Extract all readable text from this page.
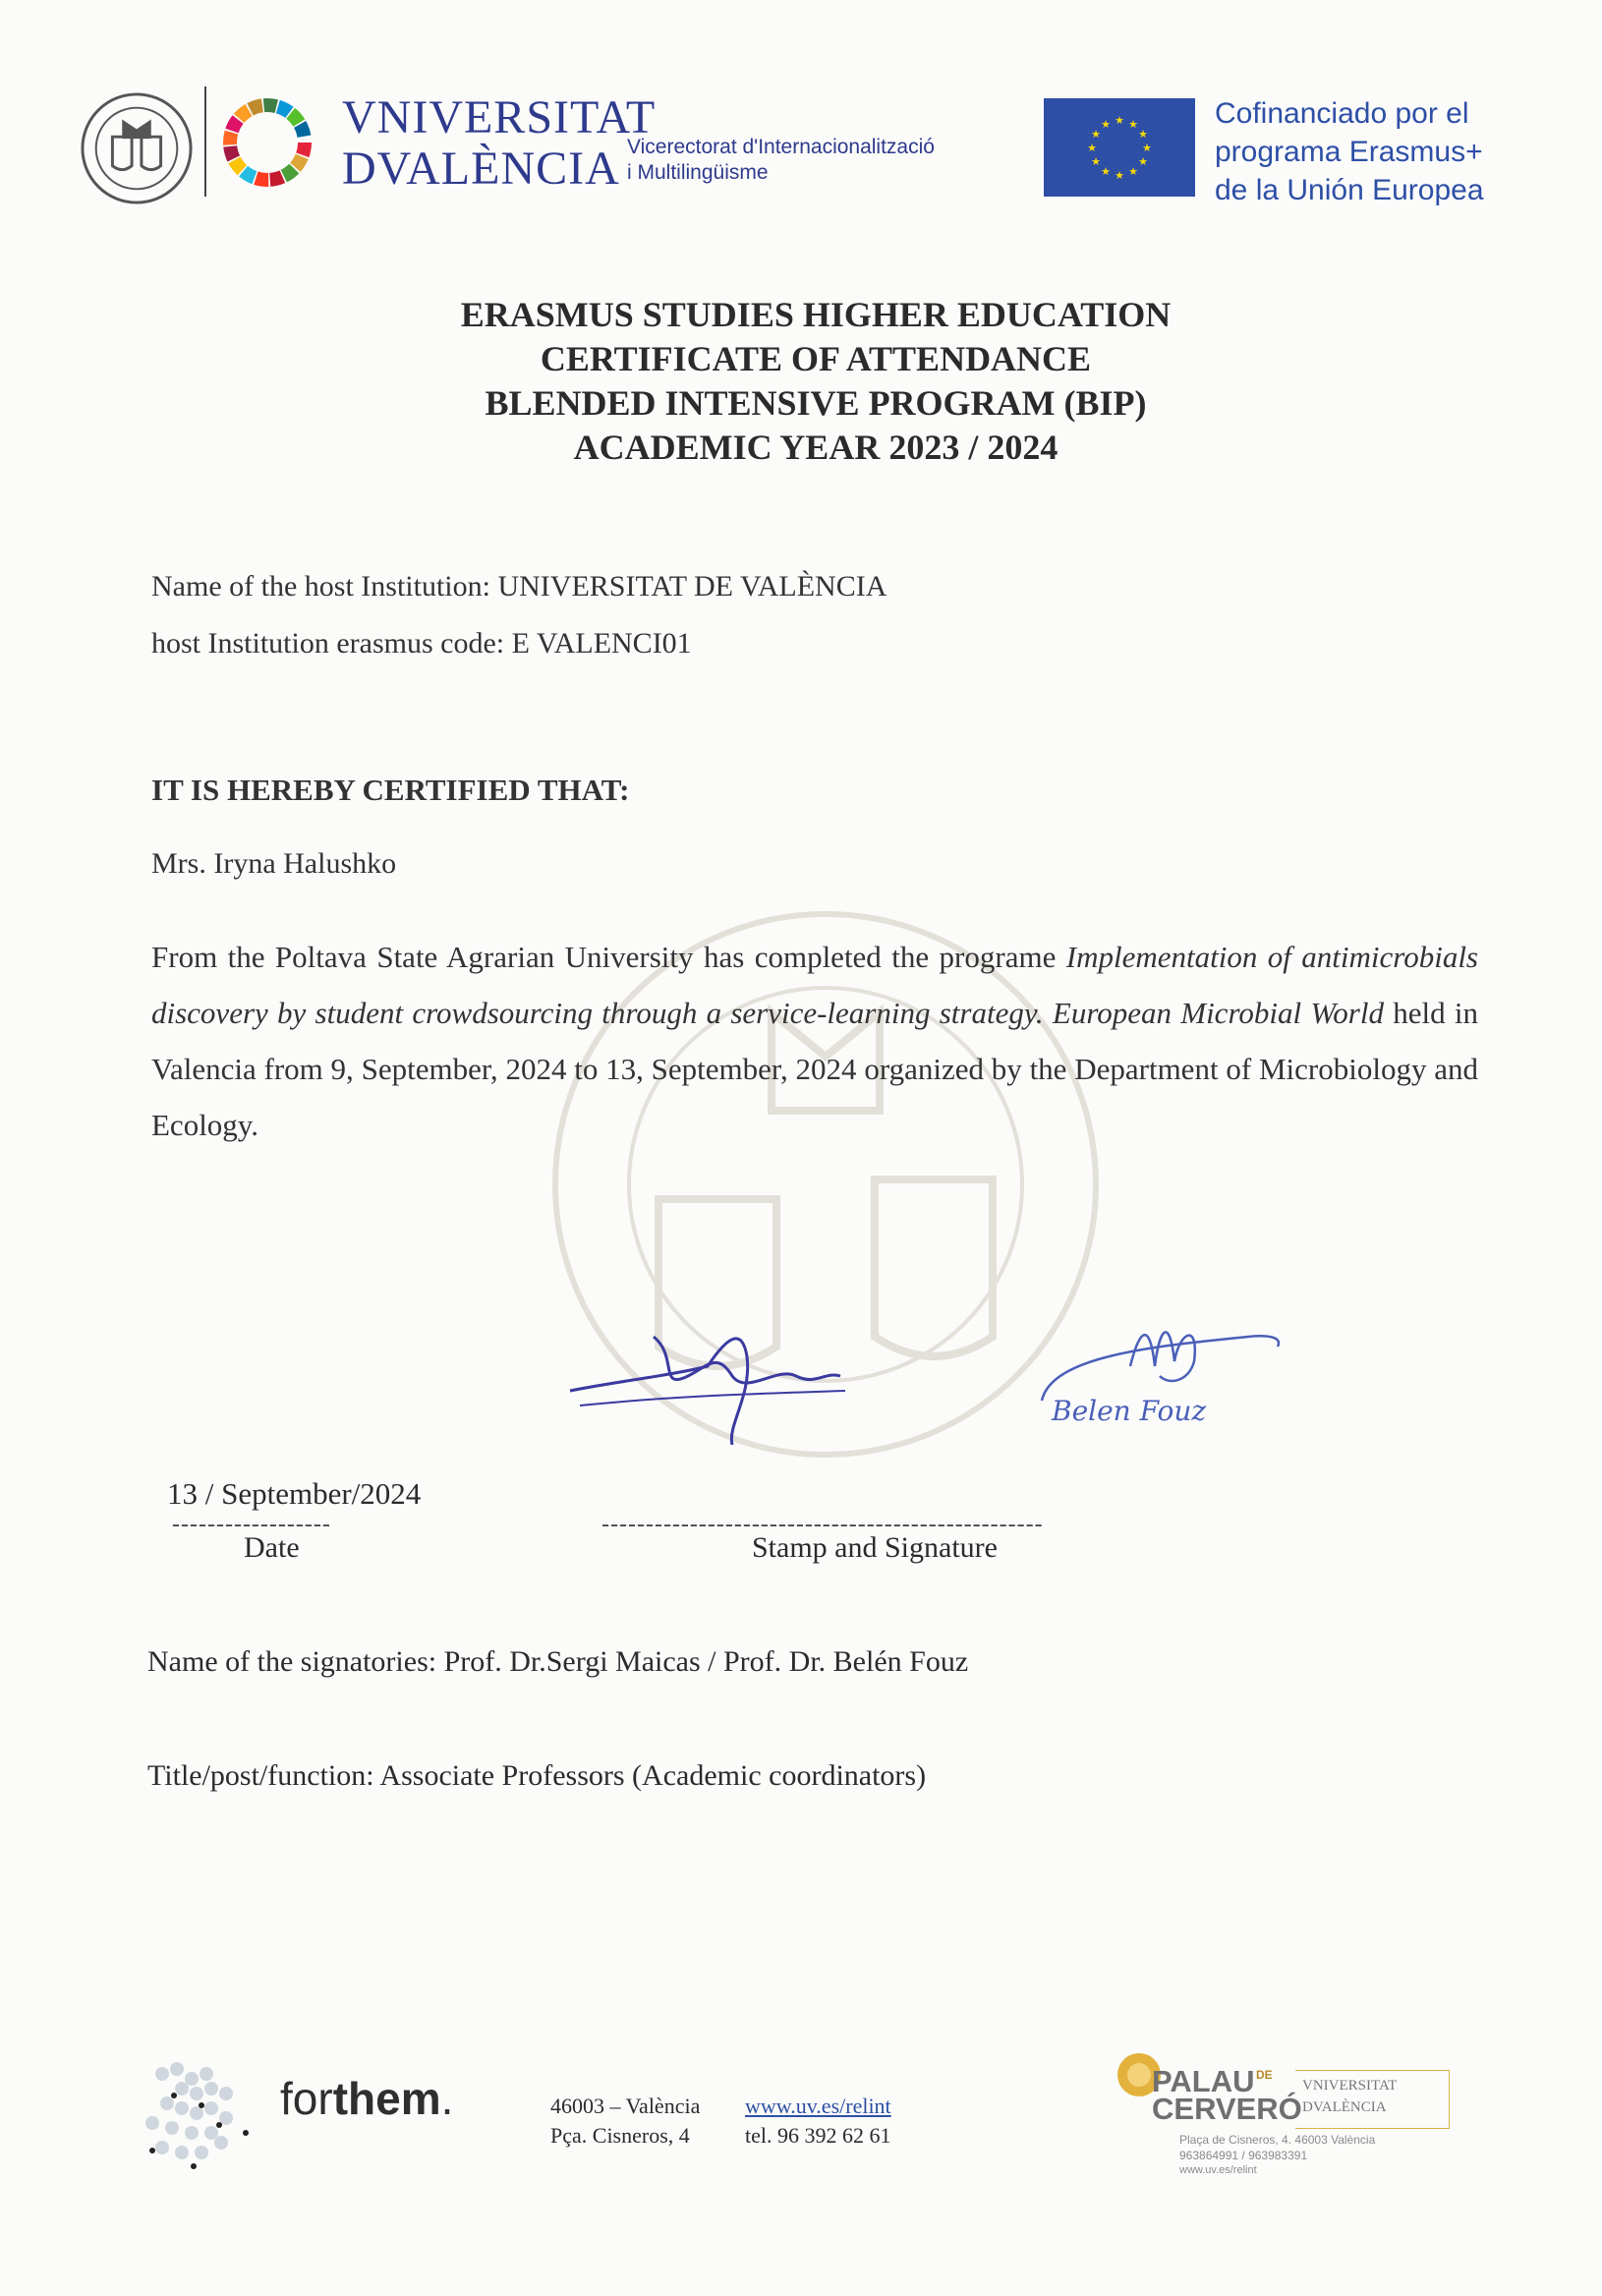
VNIVERSITAT
DVALÈNCIA Vicerectorat d'Internacionalització
i Multilingüisme
★ ★
★
★
★
★
★
★
★
★
★
★	Cofinanciado por el
programa Erasmus+
de la Unión Europea
ERASMUS STUDIES HIGHER EDUCATION
CERTIFICATE OF ATTENDANCE
BLENDED INTENSIVE PROGRAM (BIP)
ACADEMIC YEAR 2023 / 2024
Name of the host Institution: UNIVERSITAT DE VALÈNCIA
host Institution erasmus code: E VALENCI01
IT IS HEREBY CERTIFIED THAT:
Mrs. Iryna Halushko
From the Poltava State Agrarian University has completed the programe Implementation of antimicrobials discovery by student crowdsourcing through a service-learning strategy. European Microbial World held in Valencia from 9, September, 2024 to 13, September, 2024 organized by the Department of Microbiology and Ecology.
Belen Fouz
13 / September/2024
------------------
Date
--------------------------------------------------
Stamp and Signature
Name of the signatories: Prof. Dr.Sergi Maicas / Prof. Dr. Belén Fouz
Title/post/function: Associate Professors (Academic coordinators)
forthem.	46003 – València
Pça. Cisneros, 4
www.uv.es/relint
tel. 96 392 62 61
PALAU DE
CERVERÓ
VNIVERSITAT
DVALÈNCIA
Plaça de Cisneros, 4. 46003 València
963864991 / 963983391
www.uv.es/relint
